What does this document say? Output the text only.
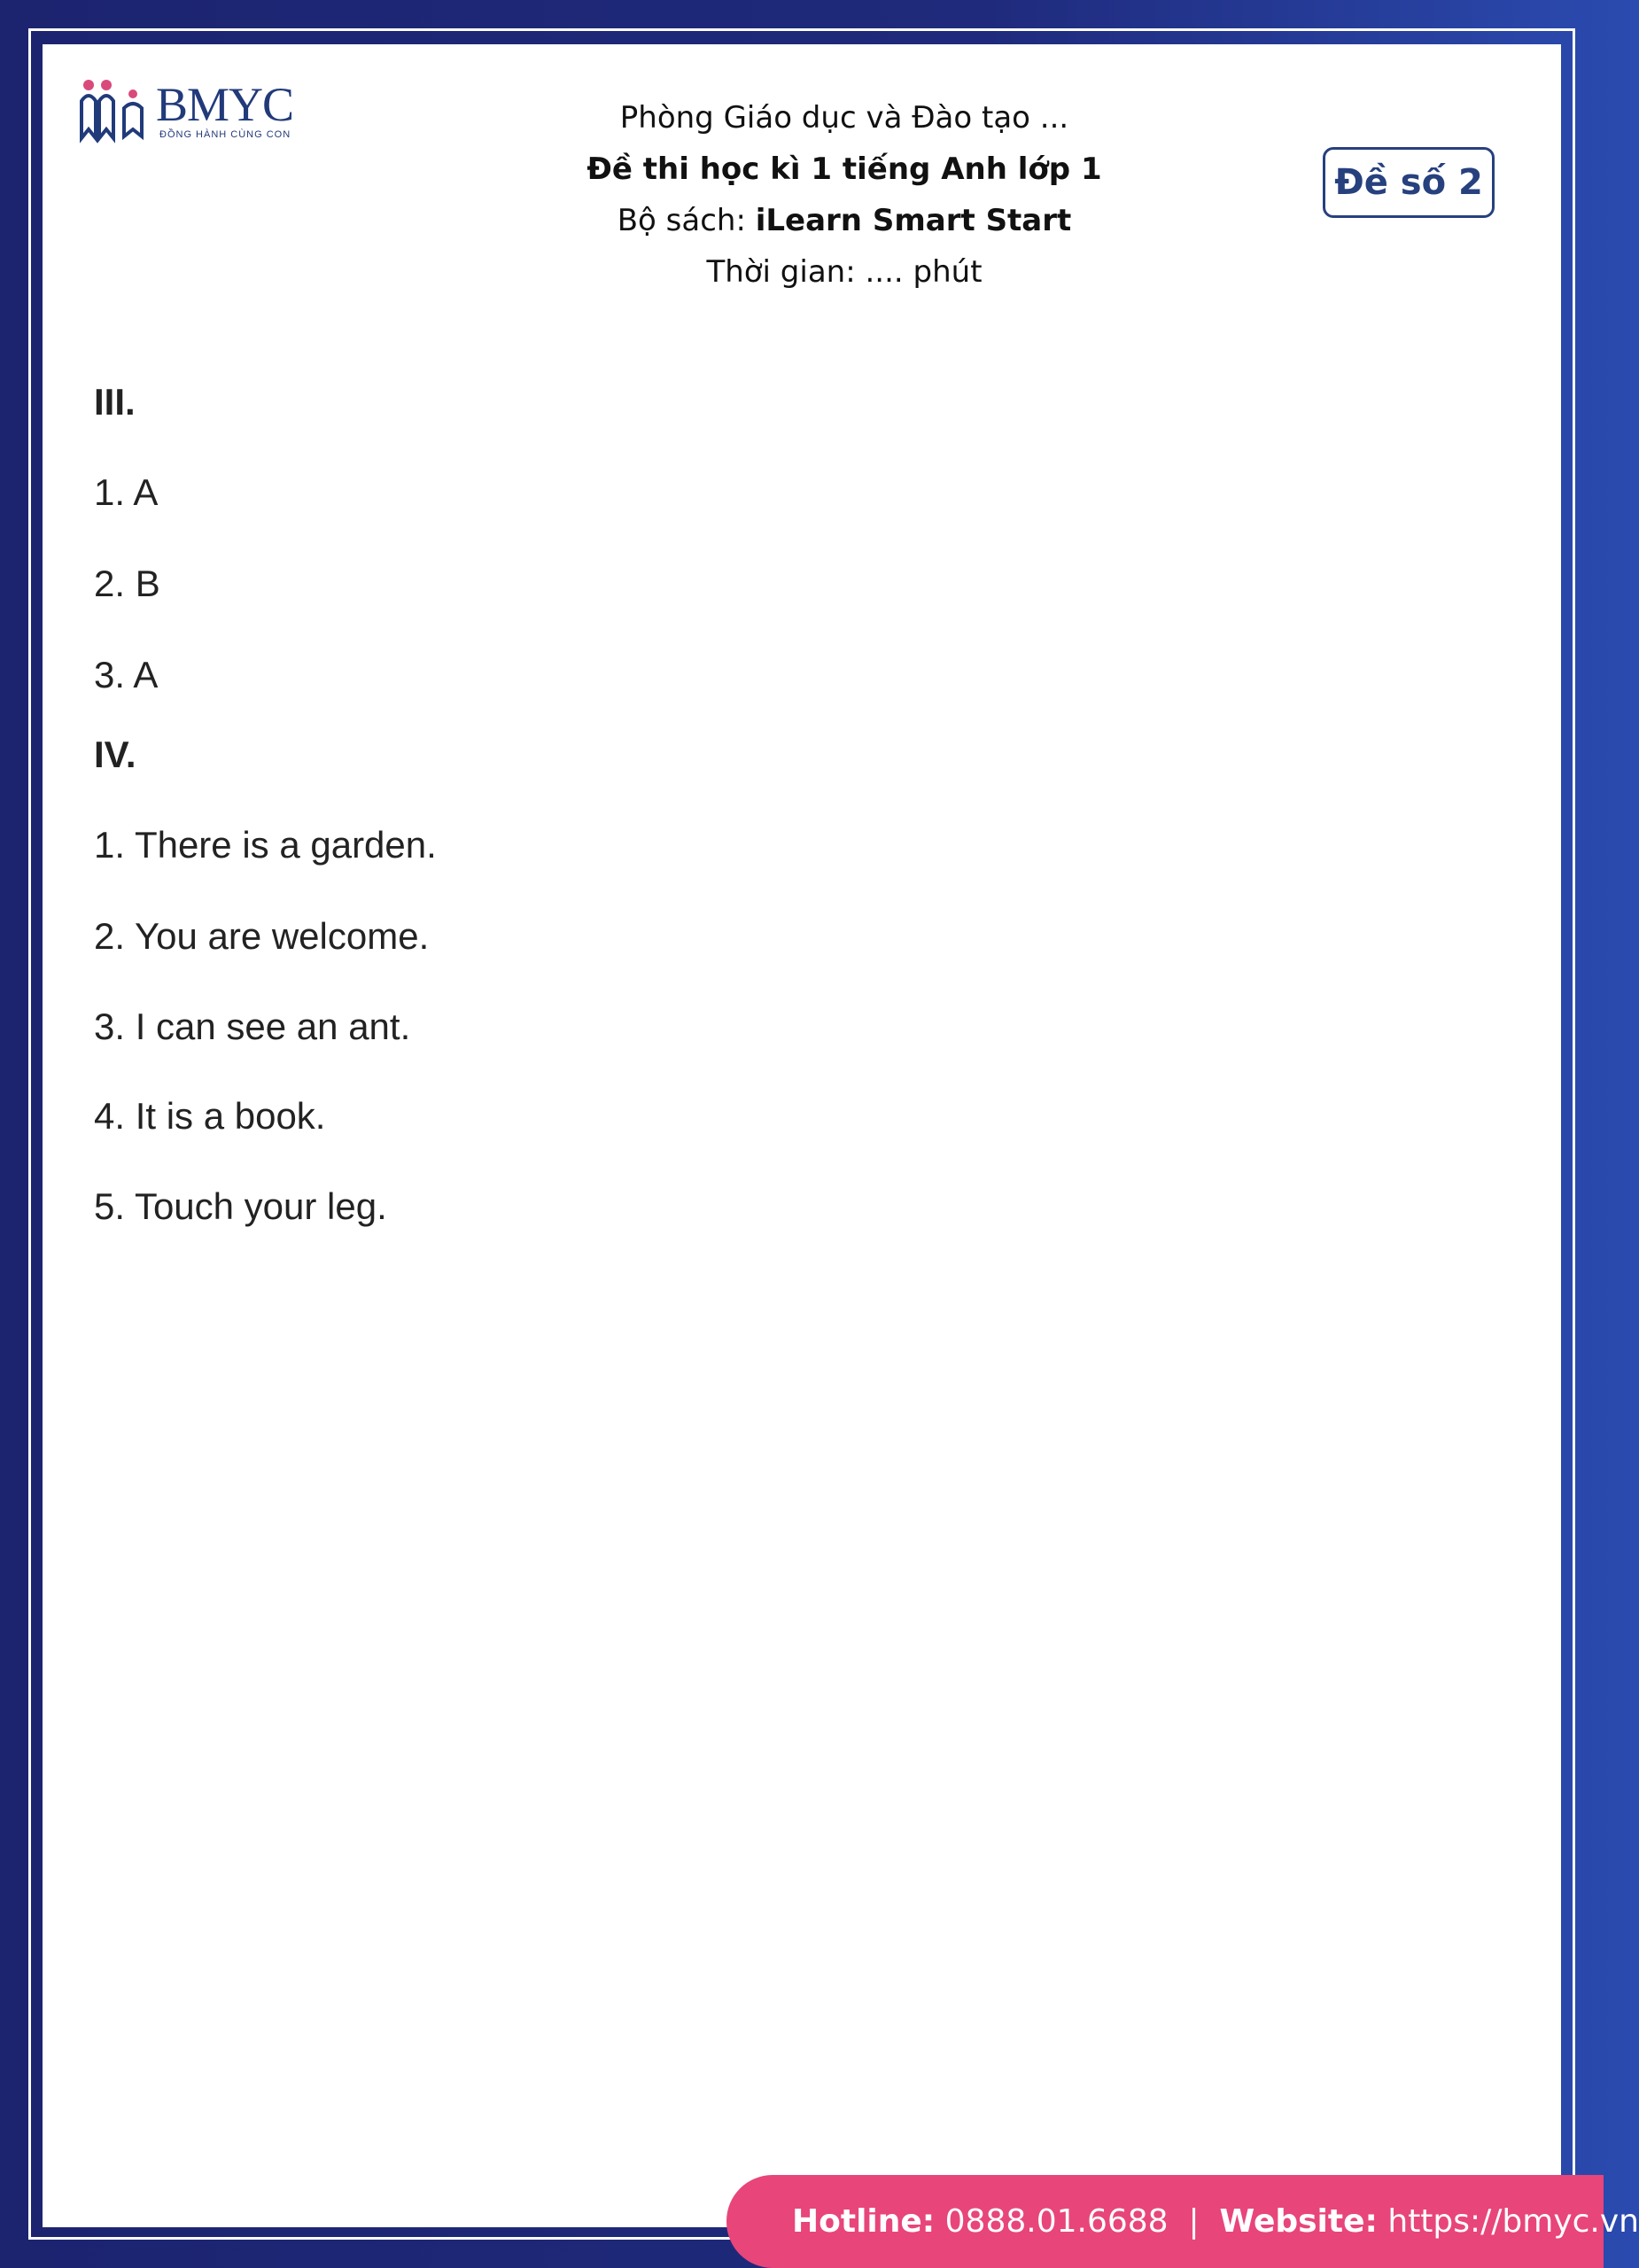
BMYC
ĐỒNG HÀNH CÙNG CON	Phòng Giáo dục và Đào tạo ...
Đề thi học kì 1 tiếng Anh lớp 1
Bộ sách: iLearn Smart Start
Thời gian: .... phút
Đề số 2
III.
1. A
2. B
3. A
IV.
1. There is a garden.
2. You are welcome.
3. I can see an ant.
4. It is a book.
5. Touch your leg.
Hotline: 0888.01.6688 | Website: https://bmyc.vn
